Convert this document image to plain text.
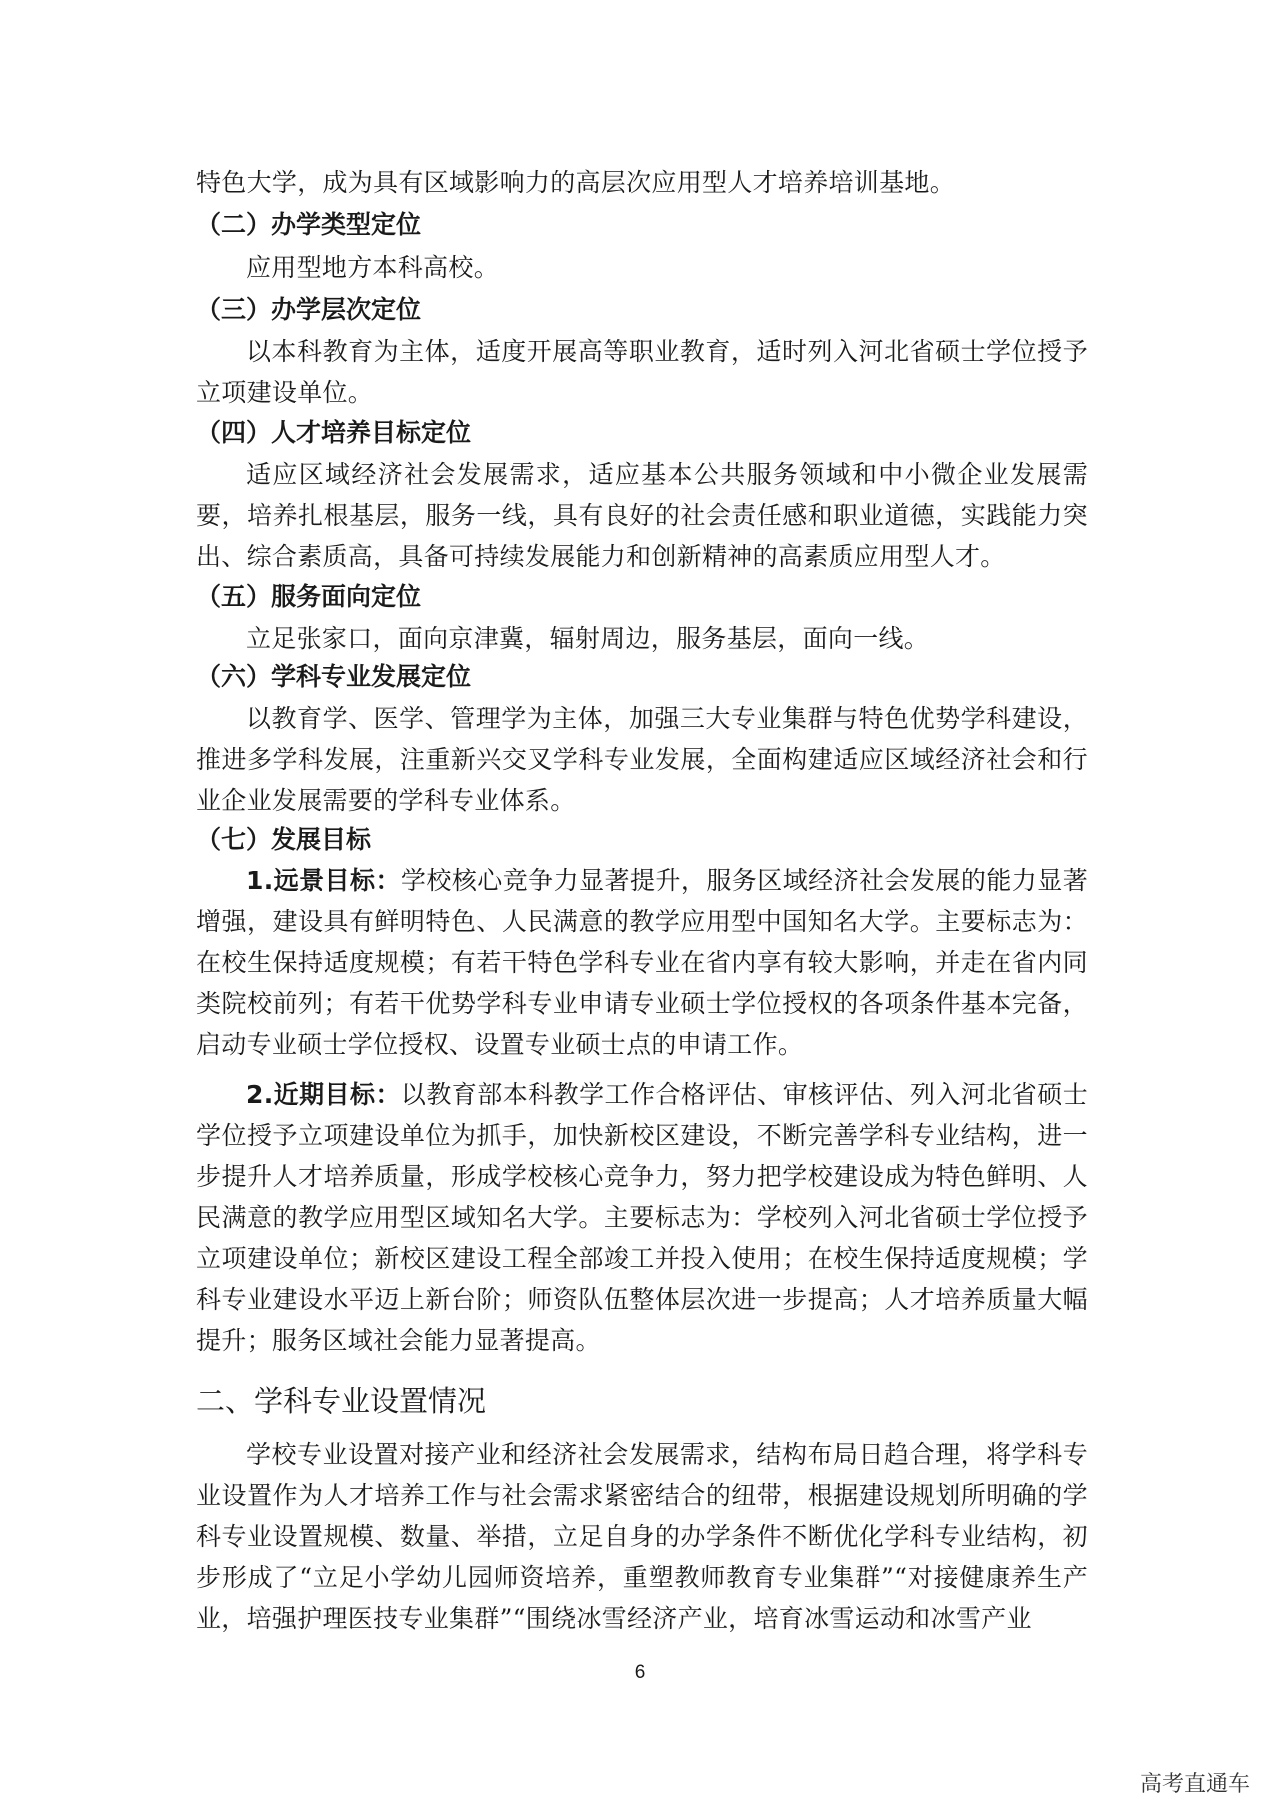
特色大学，成为具有区域影响力的高层次应用型人才培养培训基地。

（二）办学类型定位

应用型地方本科高校。

（三）办学层次定位

以本科教育为主体，适度开展高等职业教育，适时列入河北省硕士学位授予立项建设单位。

（四）人才培养目标定位

适应区域经济社会发展需求，适应基本公共服务领域和中小微企业发展需要，培养扎根基层，服务一线，具有良好的社会责任感和职业道德，实践能力突出、综合素质高，具备可持续发展能力和创新精神的高素质应用型人才。

（五）服务面向定位

立足张家口，面向京津冀，辐射周边，服务基层，面向一线。

（六）学科专业发展定位

以教育学、医学、管理学为主体，加强三大专业集群与特色优势学科建设，推进多学科发展，注重新兴交叉学科专业发展，全面构建适应区域经济社会和行业企业发展需要的学科专业体系。

（七）发展目标

1.远景目标：学校核心竞争力显著提升，服务区域经济社会发展的能力显著增强，建设具有鲜明特色、人民满意的教学应用型中国知名大学。主要标志为：在校生保持适度规模；有若干特色学科专业在省内享有较大影响，并走在省内同类院校前列；有若干优势学科专业申请专业硕士学位授权的各项条件基本完备，启动专业硕士学位授权、设置专业硕士点的申请工作。

2.近期目标：以教育部本科教学工作合格评估、审核评估、列入河北省硕士学位授予立项建设单位为抓手，加快新校区建设，不断完善学科专业结构，进一步提升人才培养质量，形成学校核心竞争力，努力把学校建设成为特色鲜明、人民满意的教学应用型区域知名大学。主要标志为：学校列入河北省硕士学位授予立项建设单位；新校区建设工程全部竣工并投入使用；在校生保持适度规模；学科专业建设水平迈上新台阶；师资队伍整体层次进一步提高；人才培养质量大幅提升；服务区域社会能力显著提高。

二、学科专业设置情况

学校专业设置对接产业和经济社会发展需求，结构布局日趋合理，将学科专业设置作为人才培养工作与社会需求紧密结合的纽带，根据建设规划所明确的学科专业设置规模、数量、举措，立足自身的办学条件不断优化学科专业结构，初步形成了“立足小学幼儿园师资培养，重塑教师教育专业集群”“对接健康养生产业，培强护理医技专业集群”“围绕冰雪经济产业，培育冰雪运动和冰雪产业

6
高考直通车
